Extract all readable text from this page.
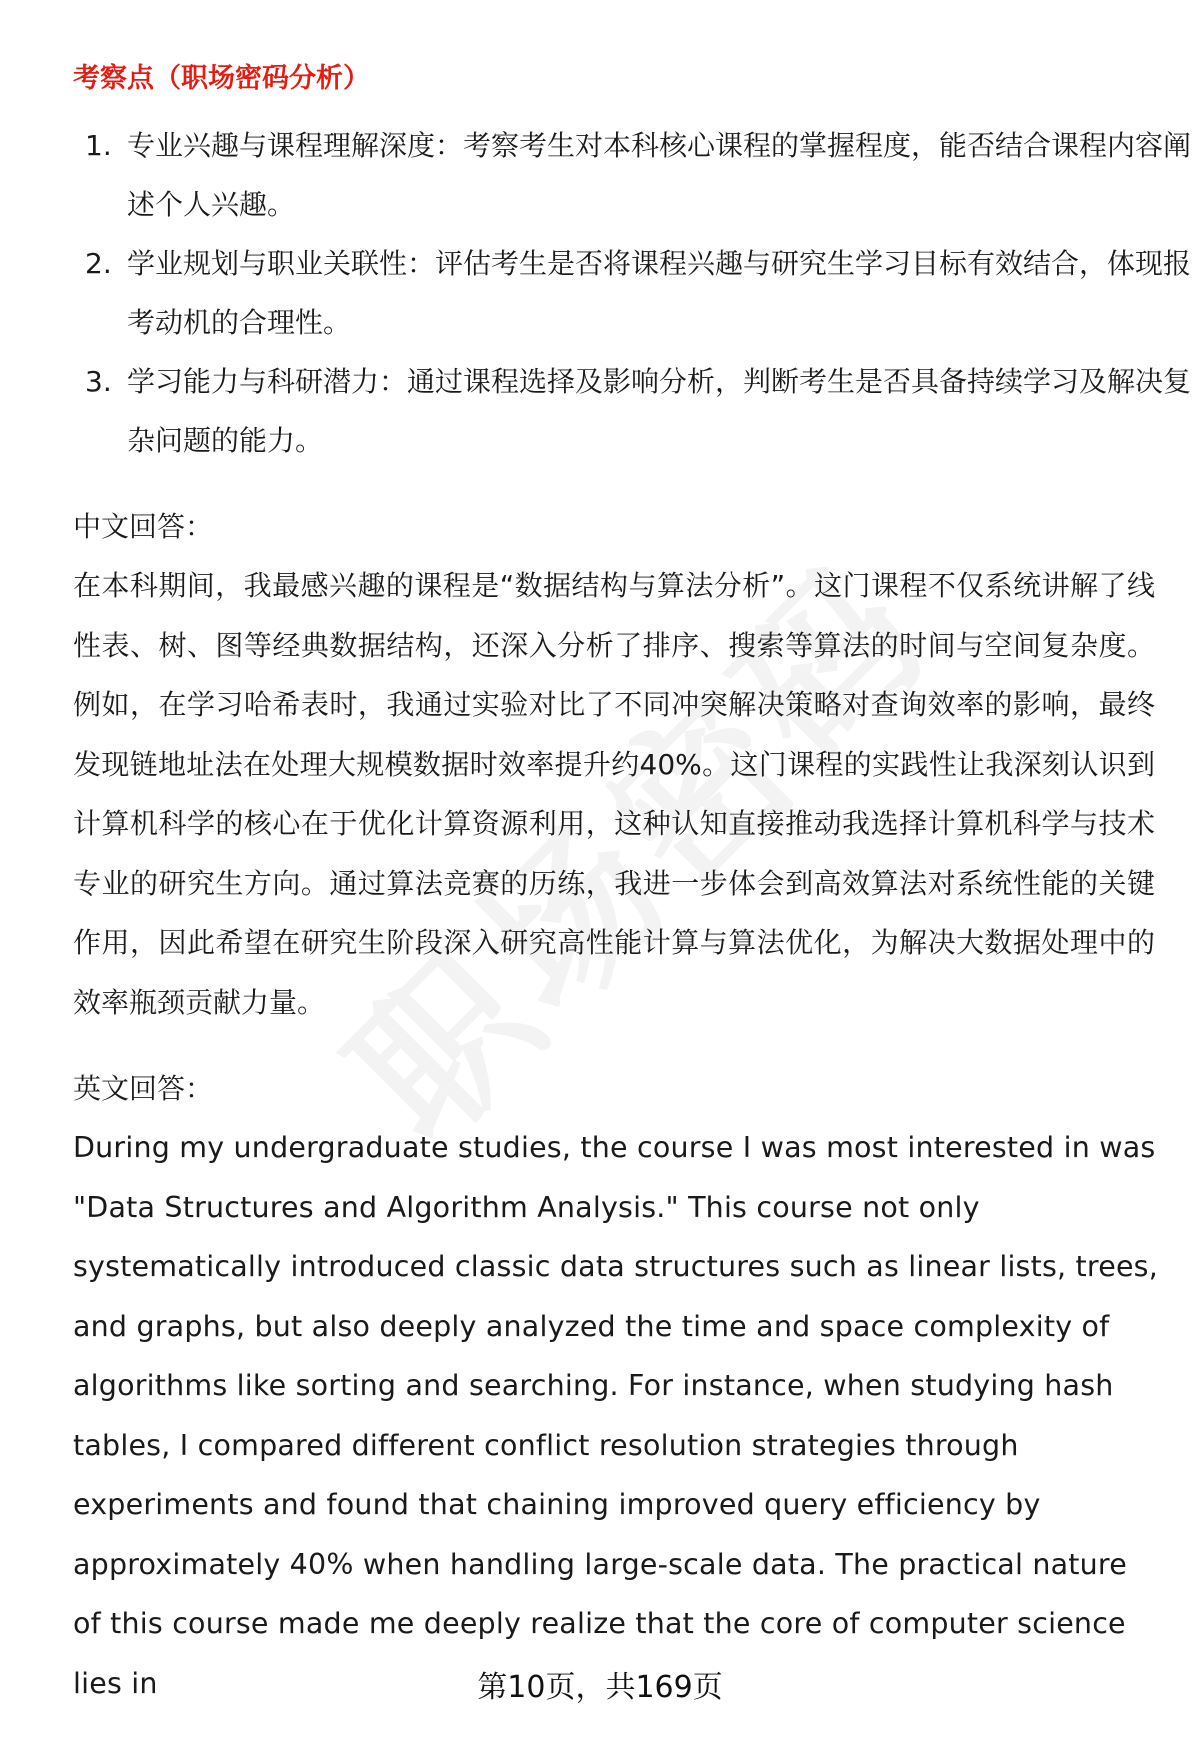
考察点（职场密码分析）
1. 专业兴趣与课程理解深度：考察考生对本科核心课程的掌握程度，能否结合课程内容阐述个人兴趣。
2. 学业规划与职业关联性：评估考生是否将课程兴趣与研究生学习目标有效结合，体现报考动机的合理性。
3. 学习能力与科研潜力：通过课程选择及影响分析，判断考生是否具备持续学习及解决复杂问题的能力。
中文回答：

在本科期间，我最感兴趣的课程是“数据结构与算法分析”。这门课程不仅系统讲解了线性表、树、图等经典数据结构，还深入分析了排序、搜索等算法的时间与空间复杂度。例如，在学习哈希表时，我通过实验对比了不同冲突解决策略对查询效率的影响，最终发现链地址法在处理大规模数据时效率提升约40%。这门课程的实践性让我深刻认识到计算机科学的核心在于优化计算资源利用，这种认知直接推动我选择计算机科学与技术专业的研究生方向。通过算法竞赛的历练，我进一步体会到高效算法对系统性能的关键作用，因此希望在研究生阶段深入研究高性能计算与算法优化，为解决大数据处理中的效率瓶颈贡献力量。

英文回答：

During my undergraduate studies, the course I was most interested in was "Data Structures and Algorithm Analysis." This course not only systematically introduced classic data structures such as linear lists, trees, and graphs, but also deeply analyzed the time and space complexity of algorithms like sorting and searching. For instance, when studying hash tables, I compared different conflict resolution strategies through experiments and found that chaining improved query efficiency by approximately 40% when handling large-scale data. The practical nature of this course made me deeply realize that the core of computer science lies in	第10页，共169页
